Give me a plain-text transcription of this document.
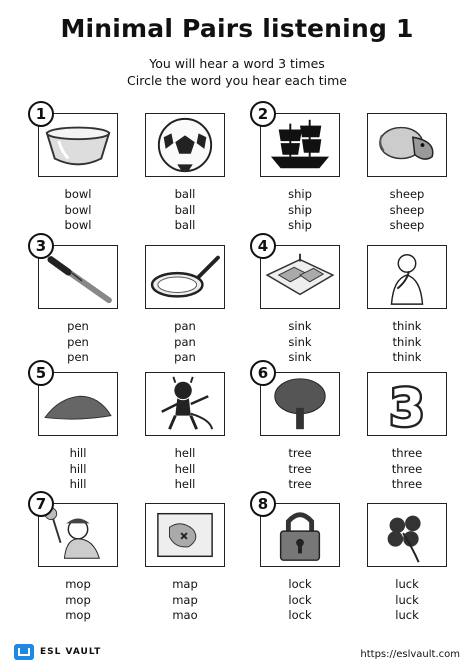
Minimal Pairs listening 1
You will hear a word 3 times
Circle the word you hear each time
1
bowl
bowl
bowl
ball
ball
ball
2
ship
ship
ship
sheep
sheep
sheep
3
pen
pen
pen
pan
pan
pan
4
sink
sink
sink
think
think
think
5
hill
hill
hill
hell
hell
hell
6
3
tree
tree
tree
three
three
three
7
mop
mop
mop
map
map
mao
8
lock
lock
lock
luck
luck
luck
ESL VAULT	https://eslvault.com
